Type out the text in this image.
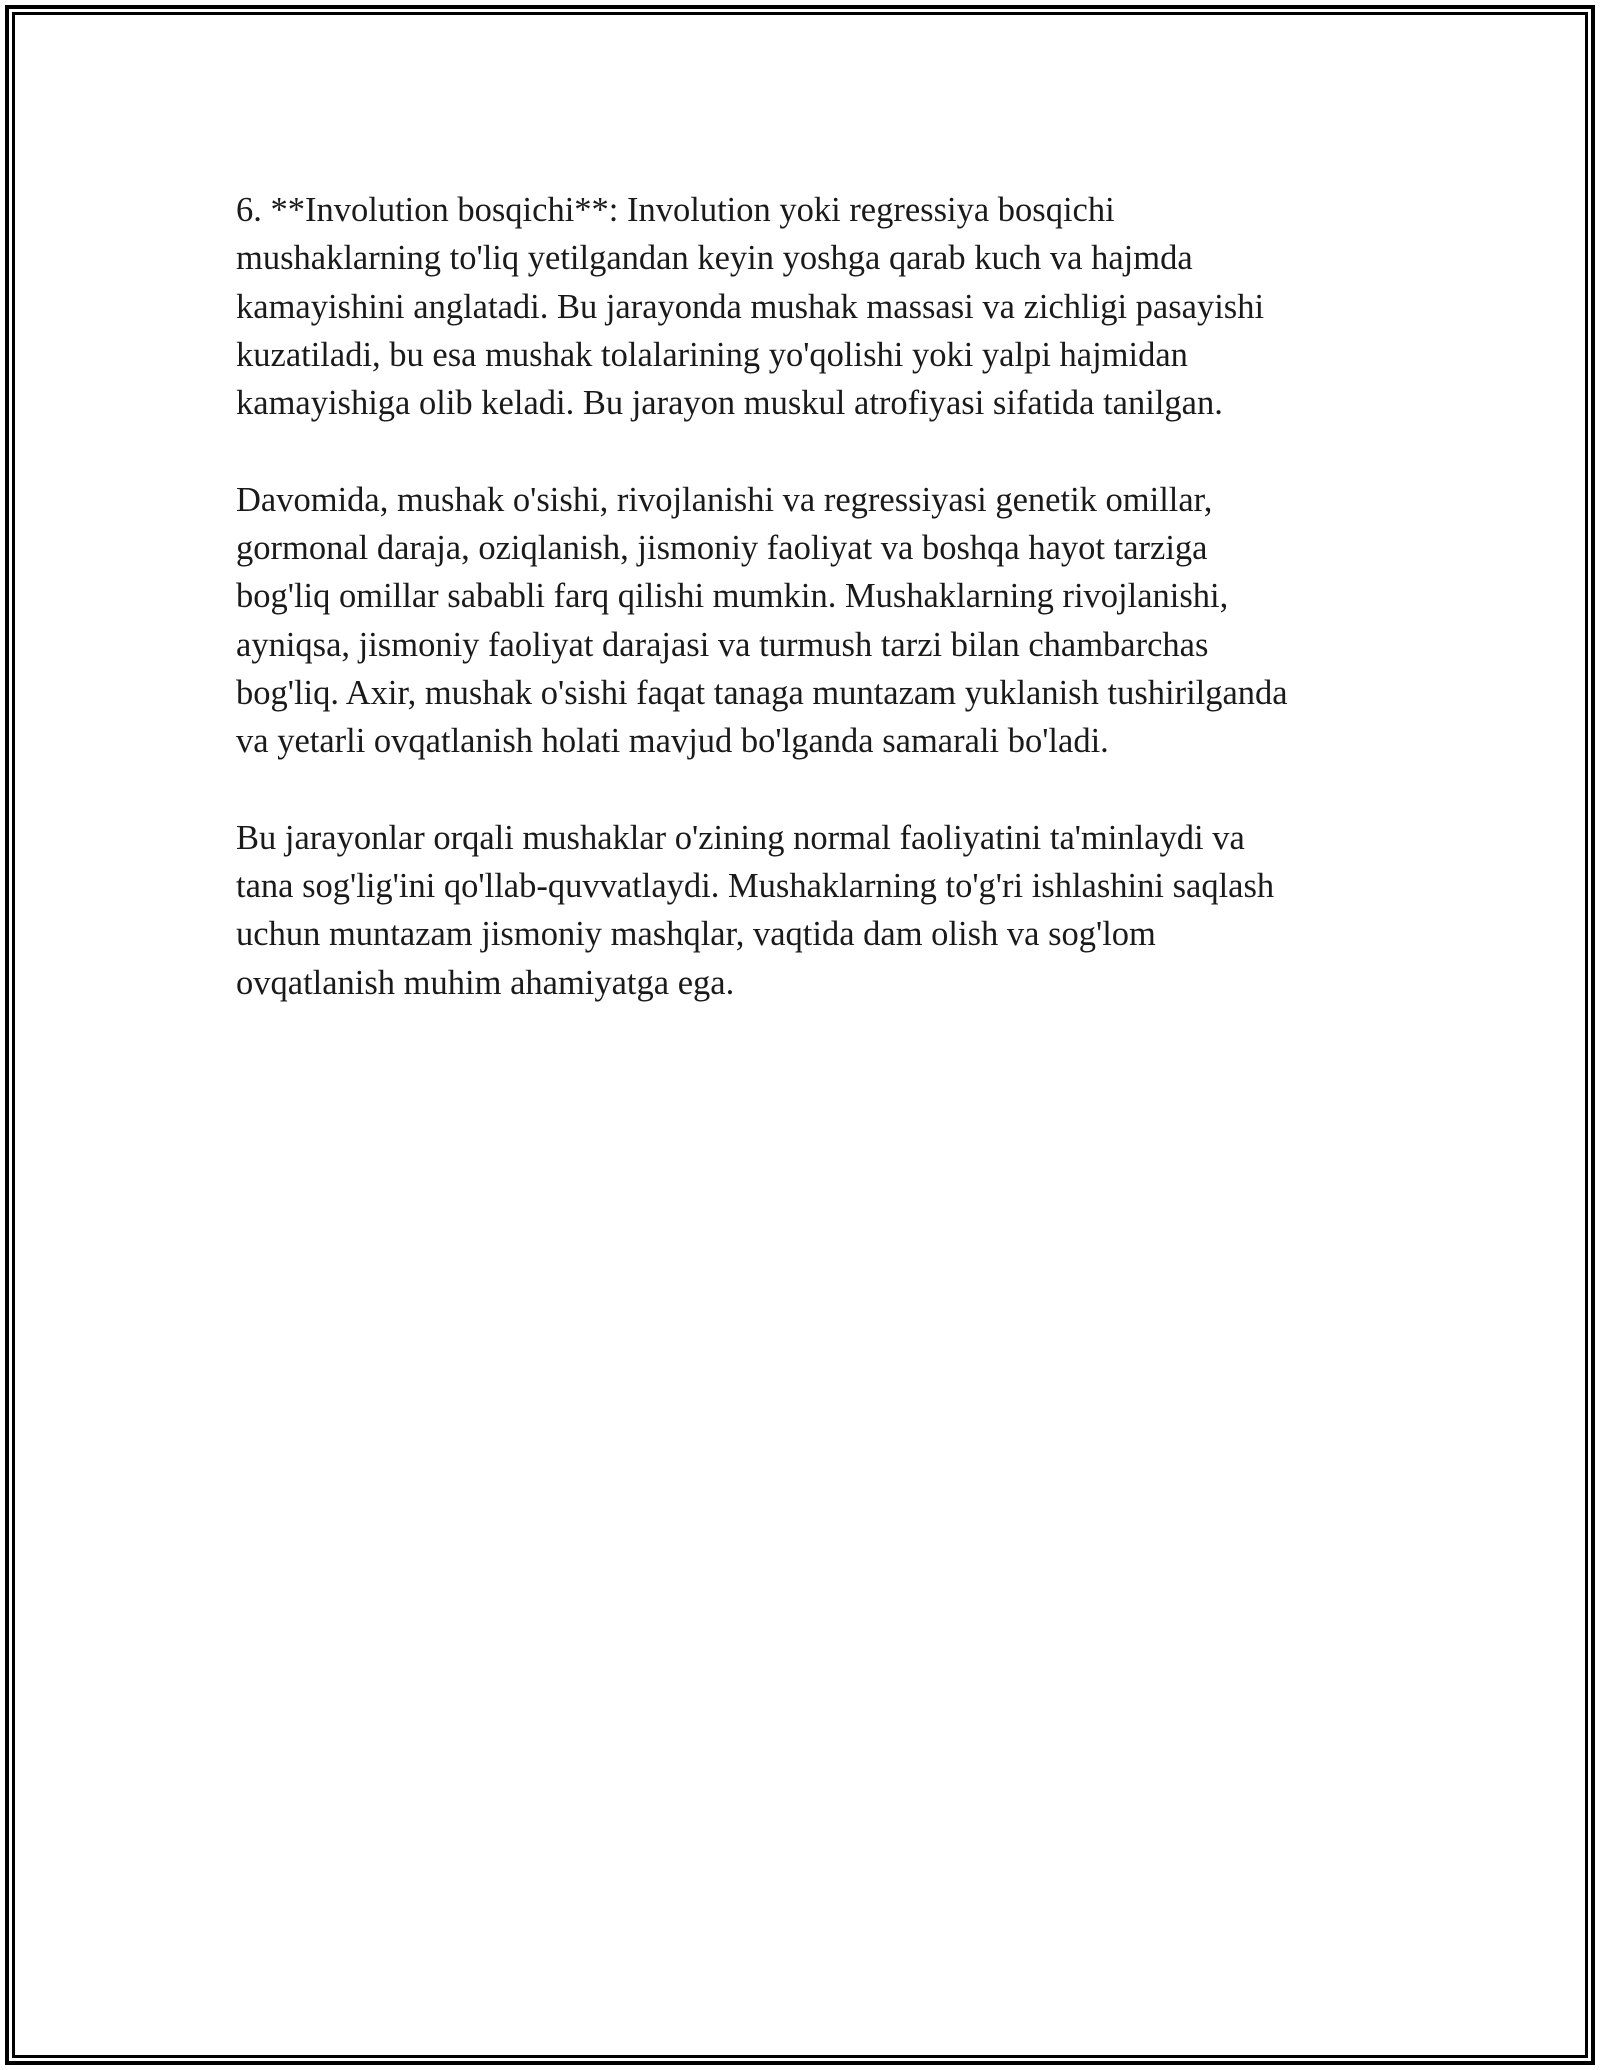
6. **Involution bosqichi**: Involution yoki regressiya bosqichi
mushaklarning to'liq yetilgandan keyin yoshga qarab kuch va hajmda
kamayishini anglatadi. Bu jarayonda mushak massasi va zichligi pasayishi
kuzatiladi, bu esa mushak tolalarining yo'qolishi yoki yalpi hajmidan
kamayishiga olib keladi. Bu jarayon muskul atrofiyasi sifatida tanilgan.

Davomida, mushak o'sishi, rivojlanishi va regressiyasi genetik omillar,
gormonal daraja, oziqlanish, jismoniy faoliyat va boshqa hayot tarziga
bog'liq omillar sababli farq qilishi mumkin. Mushaklarning rivojlanishi,
ayniqsa, jismoniy faoliyat darajasi va turmush tarzi bilan chambarchas
bog'liq. Axir, mushak o'sishi faqat tanaga muntazam yuklanish tushirilganda
va yetarli ovqatlanish holati mavjud bo'lganda samarali bo'ladi.

Bu jarayonlar orqali mushaklar o'zining normal faoliyatini ta'minlaydi va
tana sog'lig'ini qo'llab-quvvatlaydi. Mushaklarning to'g'ri ishlashini saqlash
uchun muntazam jismoniy mashqlar, vaqtida dam olish va sog'lom
ovqatlanish muhim ahamiyatga ega.
